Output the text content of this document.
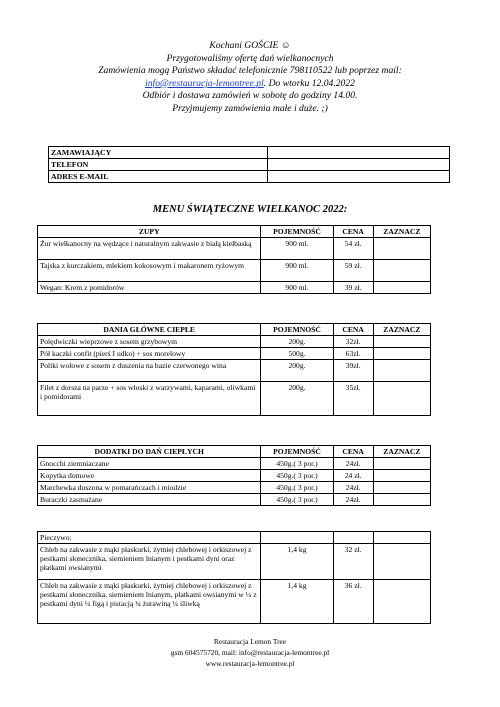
Kochani GOŚCIE ☺
Przygotowaliśmy ofertę dań wielkanocnych
Zamówienia mogą Państwo składać telefonicznie 798110522 lub poprzez mail:
info@restauracja-lemontree.pl. Do wtorku 12.04.2022
Odbiór i dostawa zamówień w sobotę do godziny 14.00.
Przyjmujemy zamówienia małe i duże. ;)
ZAMAWIAJĄCY	
TELEFON	
ADRES E-MAIL	
MENU ŚWIĄTECZNE WIELKANOC 2022:
ZUPY	POJEMNOŚĆ	CENA	ZAZNACZ
Żur wielkanocny na wędzące i naturalnym zakwasie z białą kiełbaską	900 ml.	54 zł.	
Tajska z kurczakiem, mlekiem kokosowym i makaronem ryżowym	900 ml.	59 zł.	
Wegan: Krem z pomidorów	900 ml.	39 zł.	
DANIA GŁÓWNE CIEPŁE	POJEMNOŚĆ	CENA	ZAZNACZ
Polędwiczki wieprzowe z sosem grzybowym	200g.	32zł.	
Pół kaczki confit (pierś I udko) + sos morelowy	500g.	63zł.	
Poliki wołowe z sosem z duszenia na bazie czerwonego wina	200g.	39zł.	
Filet z dorsza na parze + sos włoski z warzywami, kaparami, oliwkami i pomidorami	200g.	35zł.	
DODATKI DO DAŃ CIEPŁYCH	POJEMNOŚĆ	CENA	ZAZNACZ
Gnocchi ziemniaczane	450g.( 3 por.)	24zł.	
Kopytka domowe	450g.( 3 por.)	24 zł.	
Marchewka duszona w pomarańczach i miodzie	450g.( 3 por.)	24zł.	
Buraczki zasmażane	450g.( 3 por.)	24zł.	
Pieczywo:			
Chleb na zakwasie z mąki płaskurki, żytniej chlebowej i orkiszowej z pestkami słonecznika, siemieniem lnianym i pestkami dyni oraz płatkami owsianymi	1,4 kg	32 zł.	
Chleb na zakwasie z mąki płaskurki, żytniej chlebowej i orkiszowej z pestkami słonecznika, siemieniem lnianym, płatkami owsianymi w ¼ z pestkami dyni ¼ figą i pistacją ¼ żurawiną ¼ śliwką	1,4 kg	36 zł.	
Restauracja Lemon Tree
gsm 604575720, mail: info@restauracja-lemontree.pl
www.restauracja-lemontree.pl
